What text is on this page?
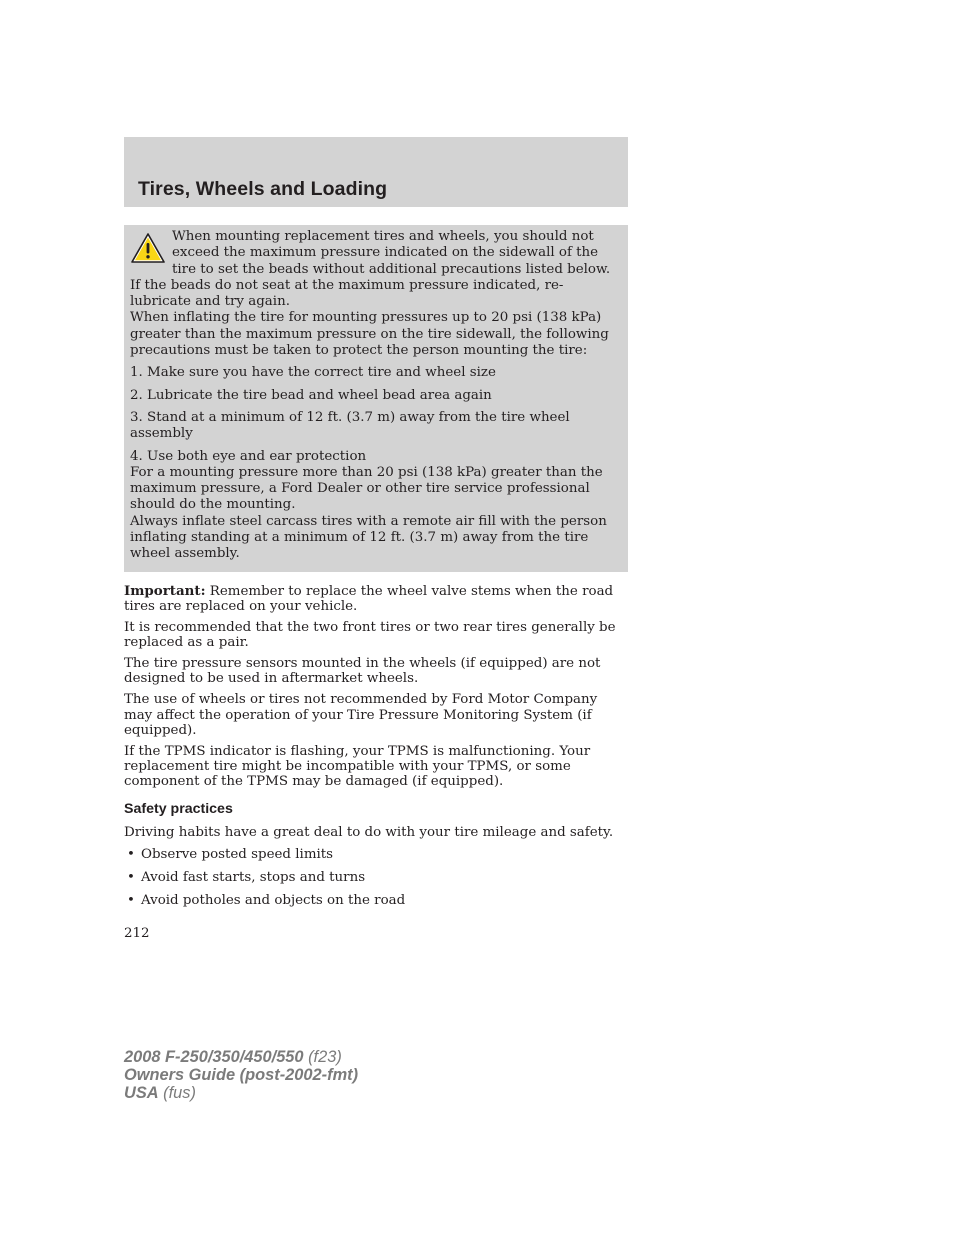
Tires, Wheels and Loading

When mounting replacement tires and wheels, you should not exceed the maximum pressure indicated on the sidewall of the tire to set the beads without additional precautions listed below. If the beads do not seat at the maximum pressure indicated, re-lubricate and try again.

When inflating the tire for mounting pressures up to 20 psi (138 kPa) greater than the maximum pressure on the tire sidewall, the following precautions must be taken to protect the person mounting the tire:

1. Make sure you have the correct tire and wheel size

2. Lubricate the tire bead and wheel bead area again

3. Stand at a minimum of 12 ft. (3.7 m) away from the tire wheel assembly

4. Use both eye and ear protection

For a mounting pressure more than 20 psi (138 kPa) greater than the maximum pressure, a Ford Dealer or other tire service professional should do the mounting.

Always inflate steel carcass tires with a remote air fill with the person inflating standing at a minimum of 12 ft. (3.7 m) away from the tire wheel assembly.

Important: Remember to replace the wheel valve stems when the road tires are replaced on your vehicle.

It is recommended that the two front tires or two rear tires generally be replaced as a pair.

The tire pressure sensors mounted in the wheels (if equipped) are not designed to be used in aftermarket wheels.

The use of wheels or tires not recommended by Ford Motor Company may affect the operation of your Tire Pressure Monitoring System (if equipped).

If the TPMS indicator is flashing, your TPMS is malfunctioning. Your replacement tire might be incompatible with your TPMS, or some component of the TPMS may be damaged (if equipped).

Safety practices

Driving habits have a great deal to do with your tire mileage and safety.

• Observe posted speed limits
• Avoid fast starts, stops and turns
• Avoid potholes and objects on the road
212
2008 F-250/350/450/550 (f23)
Owners Guide (post-2002-fmt)
USA (fus)
